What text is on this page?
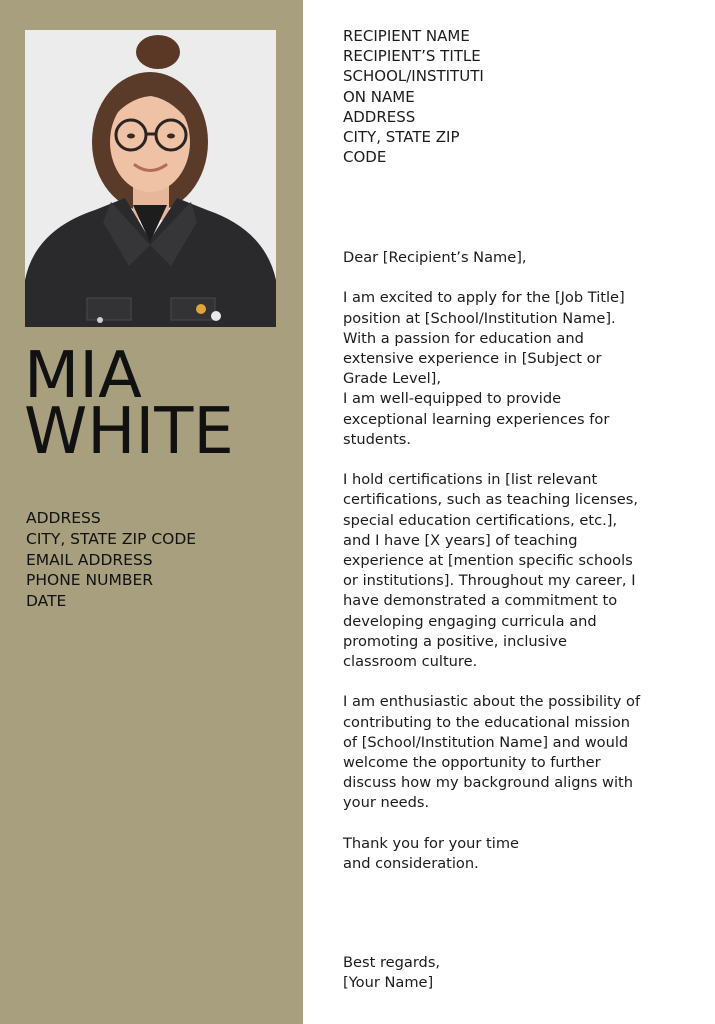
MIA
WHITE
ADDRESS
CITY, STATE ZIP CODE
EMAIL ADDRESS
PHONE NUMBER
DATE
RECIPIENT NAME
RECIPIENT’S TITLE
SCHOOL/INSTITUTI
ON NAME
ADDRESS
CITY, STATE ZIP
CODE
Dear [Recipient’s Name],
I am excited to apply for the [Job Title]
position at [School/Institution Name].
With a passion for education and
extensive experience in [Subject or
Grade Level],
I am well-equipped to provide
exceptional learning experiences for
students.
I hold certifications in [list relevant
certifications, such as teaching licenses,
special education certifications, etc.],
and I have [X years] of teaching
experience at [mention specific schools
or institutions]. Throughout my career, I
have demonstrated a commitment to
developing engaging curricula and
promoting a positive, inclusive
classroom culture.
I am enthusiastic about the possibility of
contributing to the educational mission
of [School/Institution Name] and would
welcome the opportunity to further
discuss how my background aligns with
your needs.
Thank you for your time
and consideration.
Best regards,
[Your Name]
